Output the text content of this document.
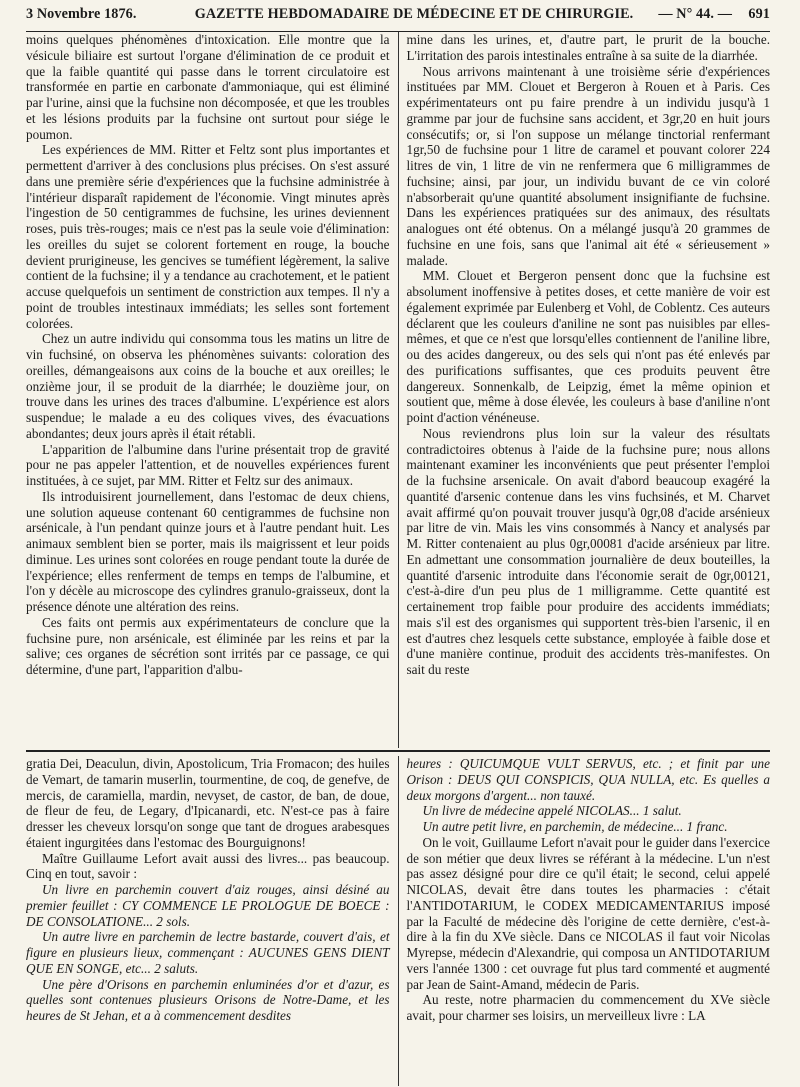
3 Novembre 1876.	GAZETTE HEBDOMADAIRE DE MÉDECINE ET DE CHIRURGIE.	— N° 44. —	691

moins quelques phénomènes d'intoxication. Elle montre que la vésicule biliaire est surtout l'organe d'élimination de ce produit et que la faible quantité qui passe dans le torrent circulatoire est transformée en partie en carbonate d'ammoniaque, qui est éliminé par l'urine, ainsi que la fuchsine non décomposée, et que les troubles et les lésions produits par la fuchsine ont surtout pour siége le poumon.

Les expériences de MM. Ritter et Feltz sont plus importantes et permettent d'arriver à des conclusions plus précises. On s'est assuré dans une première série d'expériences que la fuchsine administrée à l'intérieur disparaît rapidement de l'économie. Vingt minutes après l'ingestion de 50 centigrammes de fuchsine, les urines deviennent roses, puis très-rouges; mais ce n'est pas la seule voie d'élimination: les oreilles du sujet se colorent fortement en rouge, la bouche devient prurigineuse, les gencives se tuméfient légèrement, la salive contient de la fuchsine; il y a tendance au crachotement, et le patient accuse quelquefois un sentiment de constriction aux tempes. Il n'y a point de troubles intestinaux immédiats; les selles sont fortement colorées.

Chez un autre individu qui consomma tous les matins un litre de vin fuchsiné, on observa les phénomènes suivants: coloration des oreilles, démangeaisons aux coins de la bouche et aux oreilles; le onzième jour, il se produit de la diarrhée; le douzième jour, on trouve dans les urines des traces d'albumine. L'expérience est alors suspendue; le malade a eu des coliques vives, des évacuations abondantes; deux jours après il était rétabli.

L'apparition de l'albumine dans l'urine présentait trop de gravité pour ne pas appeler l'attention, et de nouvelles expériences furent instituées, à ce sujet, par MM. Ritter et Feltz sur des animaux.

Ils introduisirent journellement, dans l'estomac de deux chiens, une solution aqueuse contenant 60 centigrammes de fuchsine non arsénicale, à l'un pendant quinze jours et à l'autre pendant huit. Les animaux semblent bien se porter, mais ils maigrissent et leur poids diminue. Les urines sont colorées en rouge pendant toute la durée de l'expérience; elles renferment de temps en temps de l'albumine, et l'on y décèle au microscope des cylindres granulo-graisseux, dont la présence dénote une altération des reins.

Ces faits ont permis aux expérimentateurs de conclure que la fuchsine pure, non arsénicale, est éliminée par les reins et par la salive; ces organes de sécrétion sont irrités par ce passage, ce qui détermine, d'une part, l'apparition d'albu-

mine dans les urines, et, d'autre part, le prurit de la bouche. L'irritation des parois intestinales entraîne à sa suite de la diarrhée.

Nous arrivons maintenant à une troisième série d'expériences instituées par MM. Clouet et Bergeron à Rouen et à Paris. Ces expérimentateurs ont pu faire prendre à un individu jusqu'à 1 gramme par jour de fuchsine sans accident, et 3gr,20 en huit jours consécutifs; or, si l'on suppose un mélange tinctorial renfermant 1gr,50 de fuchsine pour 1 litre de caramel et pouvant colorer 224 litres de vin, 1 litre de vin ne renfermera que 6 milligrammes de fuchsine; ainsi, par jour, un individu buvant de ce vin coloré n'absorberait qu'une quantité absolument insignifiante de fuchsine. Dans les expériences pratiquées sur des animaux, des résultats analogues ont été obtenus. On a mélangé jusqu'à 20 grammes de fuchsine en une fois, sans que l'animal ait été « sérieusement » malade.

MM. Clouet et Bergeron pensent donc que la fuchsine est absolument inoffensive à petites doses, et cette manière de voir est également exprimée par Eulenberg et Vohl, de Coblentz. Ces auteurs déclarent que les couleurs d'aniline ne sont pas nuisibles par elles-mêmes, et que ce n'est que lorsqu'elles contiennent de l'aniline libre, ou des acides dangereux, ou des sels qui n'ont pas été enlevés par des purifications suffisantes, que ces produits peuvent être dangereux. Sonnenkalb, de Leipzig, émet la même opinion et soutient que, même à dose élevée, les couleurs à base d'aniline n'ont point d'action vénéneuse.

Nous reviendrons plus loin sur la valeur des résultats contradictoires obtenus à l'aide de la fuchsine pure; nous allons maintenant examiner les inconvénients que peut présenter l'emploi de la fuchsine arsenicale. On avait d'abord beaucoup exagéré la quantité d'arsenic contenue dans les vins fuchsinés, et M. Charvet avait affirmé qu'on pouvait trouver jusqu'à 0gr,08 d'acide arsénieux par litre de vin. Mais les vins consommés à Nancy et analysés par M. Ritter contenaient au plus 0gr,00081 d'acide arsénieux par litre. En admettant une consommation journalière de deux bouteilles, la quantité d'arsenic introduite dans l'économie serait de 0gr,00121, c'est-à-dire d'un peu plus de 1 milligramme. Cette quantité est certainement trop faible pour produire des accidents immédiats; mais s'il est des organismes qui supportent très-bien l'arsenic, il en est d'autres chez lesquels cette substance, employée à faible dose et d'une manière continue, produit des accidents très-manifestes. On sait du reste

gratia Dei, Deaculun, divin, Apostolicum, Tria Fromacon; des huiles de Vemart, de tamarin muserlin, tourmentine, de coq, de genefve, de mercis, de caramiella, mardin, nevyset, de castor, de ban, de doue, de fleur de feu, de Legary, d'Ipicanardi, etc. N'est-ce pas à faire dresser les cheveux lorsqu'on songe que tant de drogues arabesques étaient ingurgitées dans l'estomac des Bourguignons!

Maître Guillaume Lefort avait aussi des livres... pas beaucoup. Cinq en tout, savoir :

Un livre en parchemin couvert d'aiz rouges, ainsi désiné au premier feuillet : CY COMMENCE LE PROLOGUE DE BOECE : DE CONSOLATIONE... 2 sols.

Un autre livre en parchemin de lectre bastarde, couvert d'ais, et figure en plusieurs lieux, commençant : AUCUNES GENS DIENT QUE EN SONGE, etc... 2 saluts.

Une père d'Orisons en parchemin enluminées d'or et d'azur, es quelles sont contenues plusieurs Orisons de Notre-Dame, et les heures de St Jehan, et a à commencement desdites

heures : QUICUMQUE VULT SERVUS, etc. ; et finit par une Orison : DEUS QUI CONSPICIS, QUA NULLA, etc. Es quelles a deux morgons d'argent... non tauxé.

Un livre de médecine appelé NICOLAS... 1 salut.

Un autre petit livre, en parchemin, de médecine... 1 franc.

On le voit, Guillaume Lefort n'avait pour le guider dans l'exercice de son métier que deux livres se référant à la médecine. L'un n'est pas assez désigné pour dire ce qu'il était; le second, celui appelé NICOLAS, devait être dans toutes les pharmacies : c'était l'ANTIDOTARIUM, le CODEX MEDICAMENTARIUS imposé par la Faculté de médecine dès l'origine de cette dernière, c'est-à-dire à la fin du XVe siècle. Dans ce NICOLAS il faut voir Nicolas Myrepse, médecin d'Alexandrie, qui composa un ANTIDOTARIUM vers l'année 1300 : cet ouvrage fut plus tard commenté et augmenté par Jean de Saint-Amand, médecin de Paris.

Au reste, notre pharmacien du commencement du XVe siècle avait, pour charmer ses loisirs, un merveilleux livre : LA
